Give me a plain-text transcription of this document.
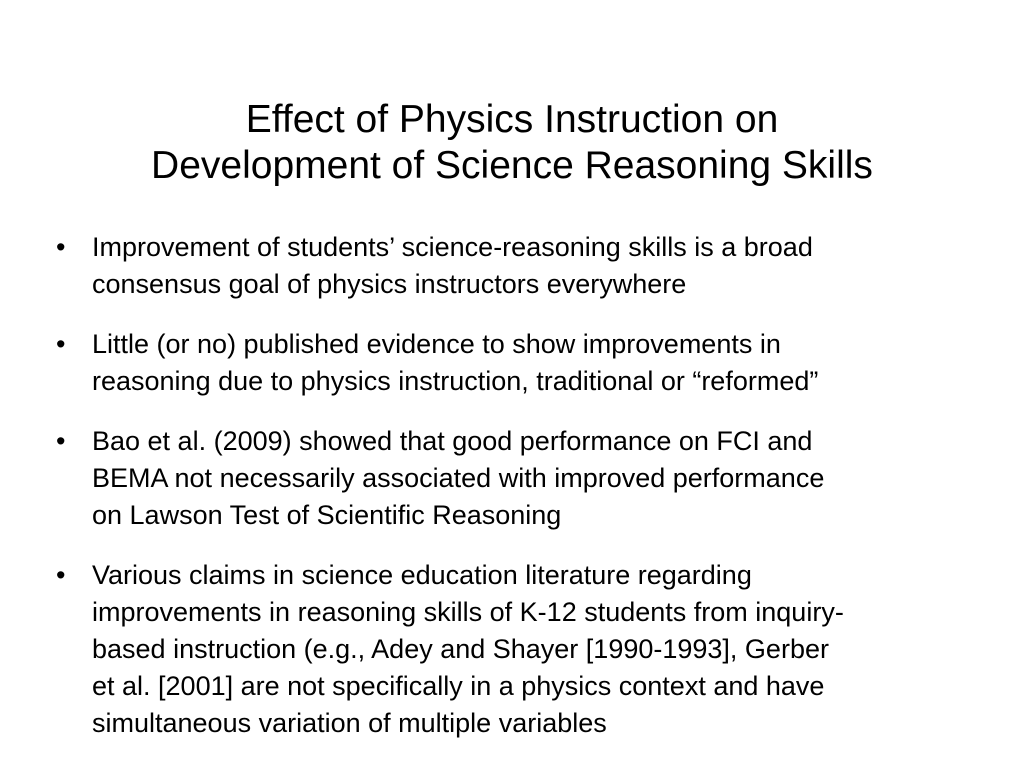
Effect of Physics Instruction on
Development of Science Reasoning Skills
• Improvement of students’ science-reasoning skills is a broad
consensus goal of physics instructors everywhere
• Little (or no) published evidence to show improvements in
reasoning due to physics instruction, traditional or “reformed”
• Bao et al. (2009) showed that good performance on FCI and
BEMA not necessarily associated with improved performance
on Lawson Test of Scientific Reasoning
• Various claims in science education literature regarding
improvements in reasoning skills of K-12 students from inquiry-
based instruction (e.g., Adey and Shayer [1990-1993], Gerber
et al. [2001] are not specifically in a physics context and have
simultaneous variation of multiple variables
